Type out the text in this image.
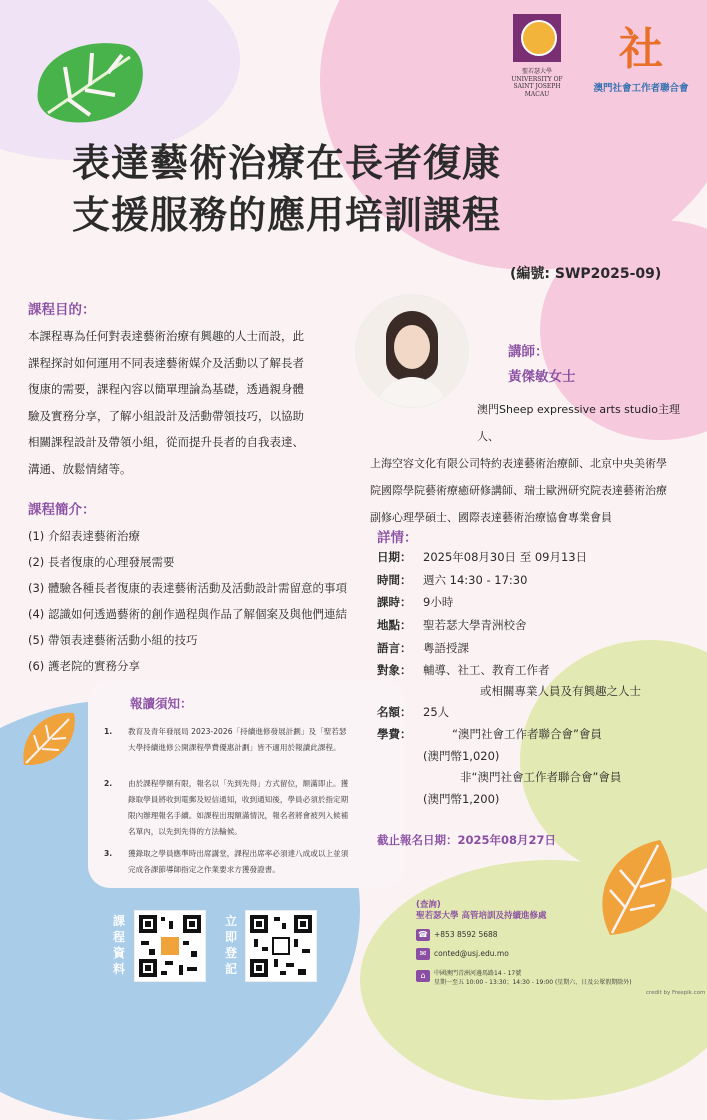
聖若瑟大學
UNIVERSITY OF
SAINT JOSEPH
MACAU
社
澳門社會工作者聯合會
表達藝術治療在長者復康
支援服務的應用培訓課程
(編號: SWP2025-09)
課程目的：
本課程專為任何對表達藝術治療有興趣的人士而設，此
課程探討如何運用不同表達藝術媒介及活動以了解長者
復康的需要，課程內容以簡單理論為基礎，透過親身體
驗及實務分享，了解小組設計及活動帶領技巧，以協助
相關課程設計及帶領小組，從而提升長者的自我表達、
溝通、放鬆情緒等。
講師：
黃傑敏女士
澳門Sheep expressive arts studio主理人、
上海空容文化有限公司特約表達藝術治療師、北京中央美術學
院國際學院藝術療癒研修講師、瑞士歐洲研究院表達藝術治療
副修心理學碩士、國際表達藝術治療協會專業會員
課程簡介：
(1) 介紹表達藝術治療
(2) 長者復康的心理發展需要
(3) 體驗各種長者復康的表達藝術活動及活動設計需留意的事項
(4) 認識如何透過藝術的創作過程與作品了解個案及與他們連結
(5) 帶領表達藝術活動小組的技巧
(6) 護老院的實務分享
報讀須知：
1. 教育及青年發展局 2023-2026「持續進修發展計劃」及「聖若瑟大學持續進修公開課程學費優惠計劃」皆不適用於報讀此課程。
2. 由於課程學額有限，報名以「先到先得」方式留位，額滿即止。獲錄取學員將收到電郵及短信通知，收到通知後，學員必須於指定期限內辦理報名手續。如課程出現額滿情況，報名者將會被列入候補名單內，以先到先得的方法輪候。
3. 獲錄取之學員應準時出席講堂，課程出席率必須達八成或以上並須完成各課節導師指定之作業要求方獲發證書。
詳情：
日期： 2025年08月30日 至 09月13日
時間： 週六 14:30 - 17:30
課時： 9小時
地點： 聖若瑟大學青洲校舍
語言： 粵語授課
對象： 輔導、社工、教育工作者
或相關專業人員及有興趣之人士
名額： 25人
學費：	“澳門社會工作者聯合會”會員
(澳門幣1,020)
非“澳門社會工作者聯合會”會員
(澳門幣1,200)
截止報名日期：2025年08月27日
課程資料
立即登記
(查詢)
聖若瑟大學 高管培訓及持續進修處
☎ +853 8592 5688
✉	conted@usj.edu.mo
⌂	中國澳門青洲河邊馬路14 - 17號
星期一至五 10:00 - 13:30；14:30 - 19:00 (星期六、日及公眾假期除外)
credit by Freepik.com
